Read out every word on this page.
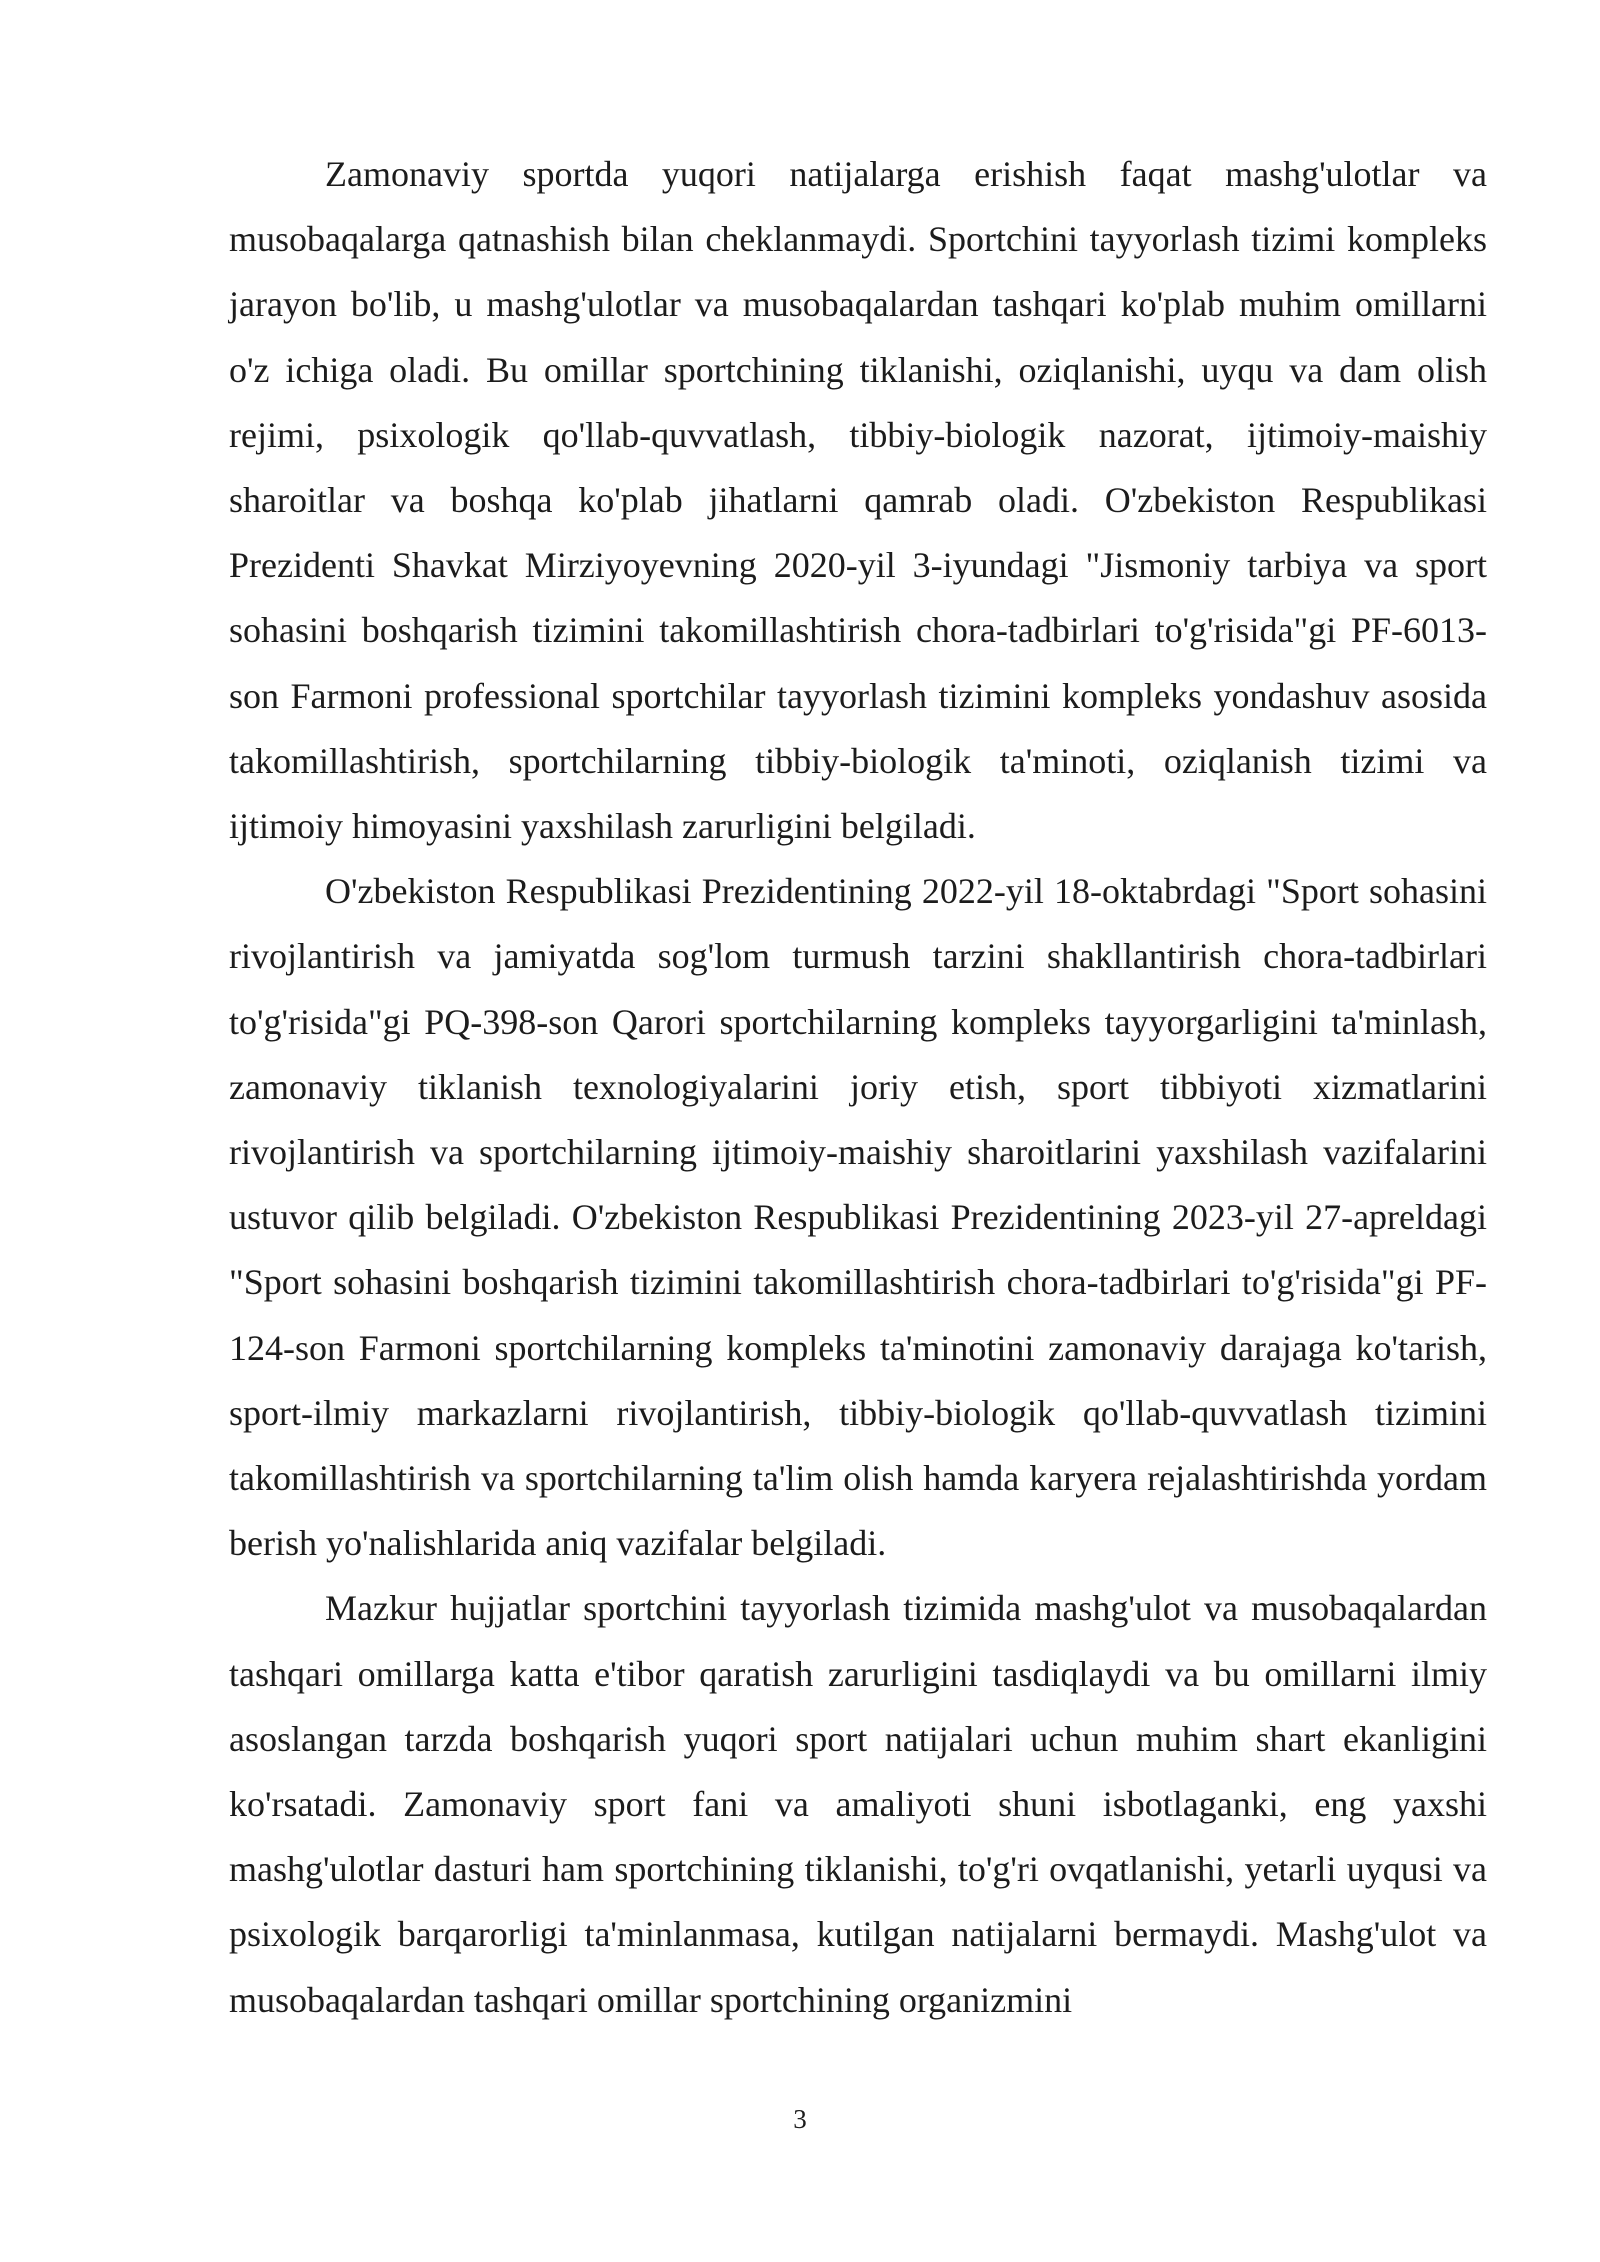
Zamonaviy sportda yuqori natijalarga erishish faqat mashg'ulotlar va musobaqalarga qatnashish bilan cheklanmaydi. Sportchini tayyorlash tizimi kompleks jarayon bo'lib, u mashg'ulotlar va musobaqalardan tashqari ko'plab muhim omillarni o'z ichiga oladi. Bu omillar sportchining tiklanishi, oziqlanishi, uyqu va dam olish rejimi, psixologik qo'llab-quvvatlash, tibbiy-biologik nazorat, ijtimoiy-maishiy sharoitlar va boshqa ko'plab jihatlarni qamrab oladi. O'zbekiston Respublikasi Prezidenti Shavkat Mirziyoyevning 2020-yil 3-iyundagi "Jismoniy tarbiya va sport sohasini boshqarish tizimini takomillashtirish chora-tadbirlari to'g'risida"gi PF-6013-son Farmoni professional sportchilar tayyorlash tizimini kompleks yondashuv asosida takomillashtirish, sportchilarning tibbiy-biologik ta'minoti, oziqlanish tizimi va ijtimoiy himoyasini yaxshilash zarurligini belgiladi.

O'zbekiston Respublikasi Prezidentining 2022-yil 18-oktabrdagi "Sport sohasini rivojlantirish va jamiyatda sog'lom turmush tarzini shakllantirish chora-tadbirlari to'g'risida"gi PQ-398-son Qarori sportchilarning kompleks tayyorgarligini ta'minlash, zamonaviy tiklanish texnologiyalarini joriy etish, sport tibbiyoti xizmatlarini rivojlantirish va sportchilarning ijtimoiy-maishiy sharoitlarini yaxshilash vazifalarini ustuvor qilib belgiladi. O'zbekiston Respublikasi Prezidentining 2023-yil 27-apreldagi "Sport sohasini boshqarish tizimini takomillashtirish chora-tadbirlari to'g'risida"gi PF-124-son Farmoni sportchilarning kompleks ta'minotini zamonaviy darajaga ko'tarish, sport-ilmiy markazlarni rivojlantirish, tibbiy-biologik qo'llab-quvvatlash tizimini takomillashtirish va sportchilarning ta'lim olish hamda karyera rejalashtirishda yordam berish yo'nalishlarida aniq vazifalar belgiladi.

Mazkur hujjatlar sportchini tayyorlash tizimida mashg'ulot va musobaqalardan tashqari omillarga katta e'tibor qaratish zarurligini tasdiqlaydi va bu omillarni ilmiy asoslangan tarzda boshqarish yuqori sport natijalari uchun muhim shart ekanligini ko'rsatadi. Zamonaviy sport fani va amaliyoti shuni isbotlaganki, eng yaxshi mashg'ulotlar dasturi ham sportchining tiklanishi, to'g'ri ovqatlanishi, yetarli uyqusi va psixologik barqarorligi ta'minlanmasa, kutilgan natijalarni bermaydi. Mashg'ulot va musobaqalardan tashqari omillar sportchining organizmini

3
